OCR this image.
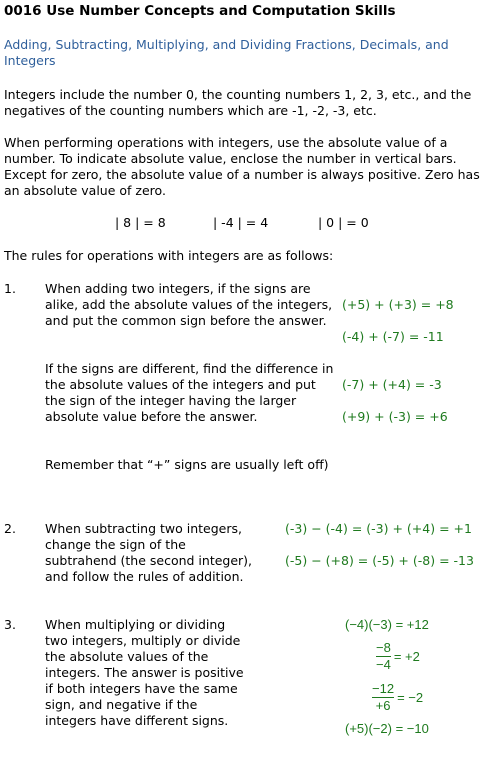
0016 Use Number Concepts and Computation Skills

Adding, Subtracting, Multiplying, and Dividing Fractions, Decimals, and Integers

Integers include the number 0, the counting numbers 1, 2, 3, etc., and the negatives of the counting numbers which are -1, -2, -3, etc.

When performing operations with integers, use the absolute value of a number. To indicate absolute value, enclose the number in vertical bars. Except for zero, the absolute value of a number is always positive. Zero has an absolute value of zero.

| 8 | = 8	| -4 | = 4	| 0 | = 0

The rules for operations with integers are as follows:

1. When adding two integers, if the signs are alike, add the absolute values of the integers, and put the common sign before the answer.

(+5) + (+3) = +8
(-4) + (-7) = -11

If the signs are different, find the difference in the absolute values of the integers and put the sign of the integer having the larger absolute value before the answer.

(-7) + (+4) = -3
(+9) + (-3) = +6

Remember that “+” signs are usually left off)

2. When subtracting two integers, change the sign of the subtrahend (the second integer), and follow the rules of addition.

(-3) − (-4) = (-3) + (+4) = +1
(-5) − (+8) = (-5) + (-8) = -13
3. When multiplying or dividing two integers, multiply or divide the absolute values of the integers. The answer is positive if both integers have the same sign, and negative if the integers have different signs.

(−4)(−3) = +12
−8
−4
= +2
−12
+6
= −2
(+5)(−2) = −10
